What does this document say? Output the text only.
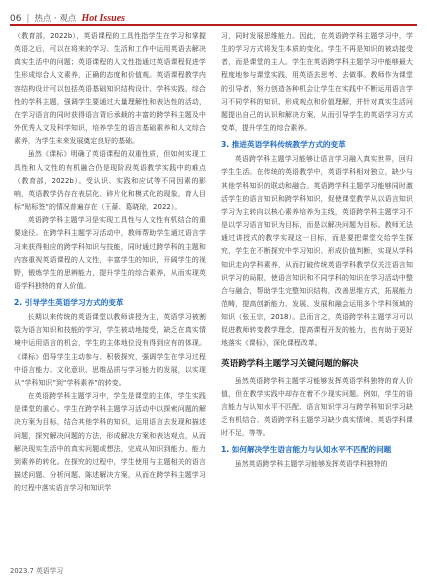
06 | 热点 · 观点 Hot Issues

（教育部，2022b），英语课程的工具性指学生在学习和掌握英语之后，可以在将来的学习、生活和工作中运用英语去解决真实生活中的问题；英语课程的人文性指通过英语课程促进学生形成综合人文素养，正确的态度和价值观。英语课程教学内容结构设计可以包括英语基础知识结构设计、学科实践、综合性的学科主题，强调学生要通过大量理解性和表达性的活动，在学习语言的同时获得语言背后承载的丰富的跨学科主题及中外优秀人文及科学知识，培养学生的语言基础素养和人文综合素养，为学生未来发展奠定良好的基础。

虽然《课标》明确了英语课程的双重性质，但如何实现工具性和人文性的有机融合仍是现阶段英语教学实践中的难点（教育部，2022b）。受认识、实践和应试等不同因素的影响，英语教学仍存在表层化、碎片化和模式化的现象，育人目标“贴标签”的情况普遍存在（王蔷、葛晓琼，2022）。

英语跨学科主题学习是实现工具性与人文性有机结合的重要途径。在跨学科主题学习活动中，教师帮助学生通过语言学习来获得相应的跨学科知识与技能，同时通过跨学科的主题和内容重视英语课程的人文性，丰富学生的知识，开阔学生的视野，锻炼学生的思辨能力，提升学生的综合素养，从而实现英语学科独特的育人价值。

2. 引导学生英语学习方式的变革

长期以来传统的英语课堂以教师讲授为主，英语学习被割裂为语言知识和技能的学习，学生被动地接受，缺乏在真实情境中运用语言的机会，学生的主体地位没有得到应有的体现。《课标》倡导学生主动参与、积极探究，强调学生在学习过程中语言能力、文化意识、思维品质与学习能力的发展，以实现从“学科知识”到“学科素养”的转变。

在英语跨学科主题学习中，学生是课堂的主体，学生实践是课堂的重心。学生在跨学科主题学习活动中以探索问题的解决方案为目标，结合其他学科的知识，运用语言去发现和描述问题，探究解决问题的方法，形成解决方案和表达观点，从而解决现实生活中的真实问题或想法，完成从知识到能力、能力到素养的转化。在探究的过程中，学生使用与主题相关的语言描述问题、分析问题、陈述解决方案，从而在跨学科主题学习的过程中落实语言学习和知识学

习，同时发展思维能力。因此，在英语跨学科主题学习中，学生的学习方式将发生本质的变化。学生不再是知识的被动接受者，而是课堂的主人。学生在英语跨学科主题学习中能够最大程度地参与课堂实践，用英语去思考、去做事。教师作为课堂的引导者，努力创造各种机会让学生在实践中不断运用语言学习不同学科的知识、形成观点和价值理解，并针对真实生活问题提出自己的认识和解决方案，从而引导学生的英语学习方式变革，提升学生的综合素养。

3. 推进英语学科传统教学方式的变革

英语跨学科主题学习能够让语言学习融入真实世界，回归学生生活。在传统的英语教学中，英语学科相对独立，缺少与其他学科知识的联动和融合。英语跨学科主题学习能够同时激活学生的语言知识和跨学科知识，促使课堂教学从以语言知识学习为主转向以核心素养培养为主线，英语跨学科主题学习不是以学习语言知识为目标，而是以解决问题为目标。教师无法通过讲授式的教学实现这一目标，而是要把课堂交给学生探究，学生在不断探究中学习知识、形成价值判断，实现从学科知识走向学科素养，从而打破传统英语学科教学仅关注语言知识学习的局限，使语言知识和不同学科的知识在学习活动中整合与融合，帮助学生完整知识结构，改善思维方式，拓展能力范畴，提高创新能力、发展、发展和融会运用多个学科领域的知识（张玉宗，2018）。总而言之，英语跨学科主题学习可以促进教师转变教学理念，提高课程开发的能力，也有助于更好地落实《课标》，深化课程改革。

英语跨学科主题学习关键问题的解决

虽然英语跨学科主题学习能够发挥英语学科独特的育人价值，但在教学实践中却存在着不少现实问题。例如，学生的语言能力与认知水平不匹配、语言知识学习与跨学科知识学习缺乏有机结合、英语跨学科主题学习缺少真实情境、英语学科课时不足，等等。

1. 如何解决学生语言能力与认知水平不匹配的问题

虽然英语跨学科主题学习能够发挥英语学科独特的

2023.7 英语学习
